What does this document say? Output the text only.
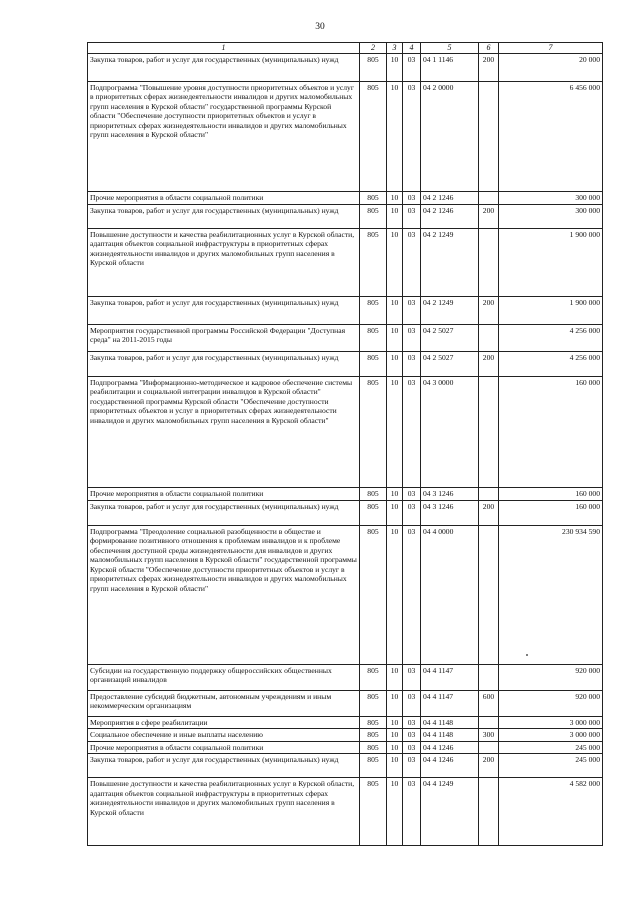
30
1	2	3	4	5	6	7
Закупка товаров, работ и услуг для государственных (муниципальных) нужд	805	10	03	04 1 1146	200	20 000
Подпрограмма "Повышение уровня доступности приоритетных объектов и услуг в приоритетных сферах жизнедеятельности инвалидов и других маломобильных групп населения в Курской области" государственной программы Курской области "Обеспечение доступности приоритетных объектов и услуг в приоритетных сферах жизнедеятельности инвалидов и других маломобильных групп населения в Курской области"	805	10	03	04 2 0000		6 456 000
Прочие мероприятия в области социальной политики	805	10	03	04 2 1246		300 000
Закупка товаров, работ и услуг для государственных (муниципальных) нужд	805	10	03	04 2 1246	200	300 000
Повышение доступности и качества реабилитационных услуг в Курской области, адаптация объектов социальной инфраструктуры в приоритетных сферах жизнедеятельности инвалидов и других маломобильных групп населения в Курской области	805	10	03	04 2 1249		1 900 000
Закупка товаров, работ и услуг для государственных (муниципальных) нужд	805	10	03	04 2 1249	200	1 900 000
Мероприятия государственной программы Российской Федерации "Доступная среда" на 2011-2015 годы	805	10	03	04 2 5027		4 256 000
Закупка товаров, работ и услуг для государственных (муниципальных) нужд	805	10	03	04 2 5027	200	4 256 000
Подпрограмма "Информационно-методическое и кадровое обеспечение системы реабилитации и социальной интеграции инвалидов в Курской области" государственной программы Курской области "Обеспечение доступности приоритетных объектов и услуг в приоритетных сферах жизнедеятельности инвалидов и других маломобильных групп населения в Курской области"	805	10	03	04 3 0000		160 000
Прочие мероприятия в области социальной политики	805	10	03	04 3 1246		160 000
Закупка товаров, работ и услуг для государственных (муниципальных) нужд	805	10	03	04 3 1246	200	160 000
Подпрограмма "Преодоление социальной разобщенности в обществе и формирование позитивного отношения к проблемам инвалидов и к проблеме обеспечения доступной среды жизнедеятельности для инвалидов и других маломобильных групп населения в Курской области" государственной программы Курской области "Обеспечение доступности приоритетных объектов и услуг в приоритетных сферах жизнедеятельности инвалидов и других маломобильных групп населения в Курской области"	805	10	03	04 4 0000		230 934 590
Субсидии на государственную поддержку общероссийских общественных организаций инвалидов	805	10	03	04 4 1147		920 000
Предоставление субсидий бюджетным, автономным учреждениям и иным некоммерческим организациям	805	10	03	04 4 1147	600	920 000
Мероприятия в сфере реабилитации	805	10	03	04 4 1148		3 000 000
Социальное обеспечение и иные выплаты населению	805	10	03	04 4 1148	300	3 000 000
Прочие мероприятия в области социальной политики	805	10	03	04 4 1246		245 000
Закупка товаров, работ и услуг для государственных (муниципальных) нужд	805	10	03	04 4 1246	200	245 000
Повышение доступности и качества реабилитационных услуг в Курской области, адаптация объектов социальной инфраструктуры в приоритетных сферах жизнедеятельности инвалидов и других маломобильных групп населения в Курской области	805	10	03	04 4 1249		4 582 000
